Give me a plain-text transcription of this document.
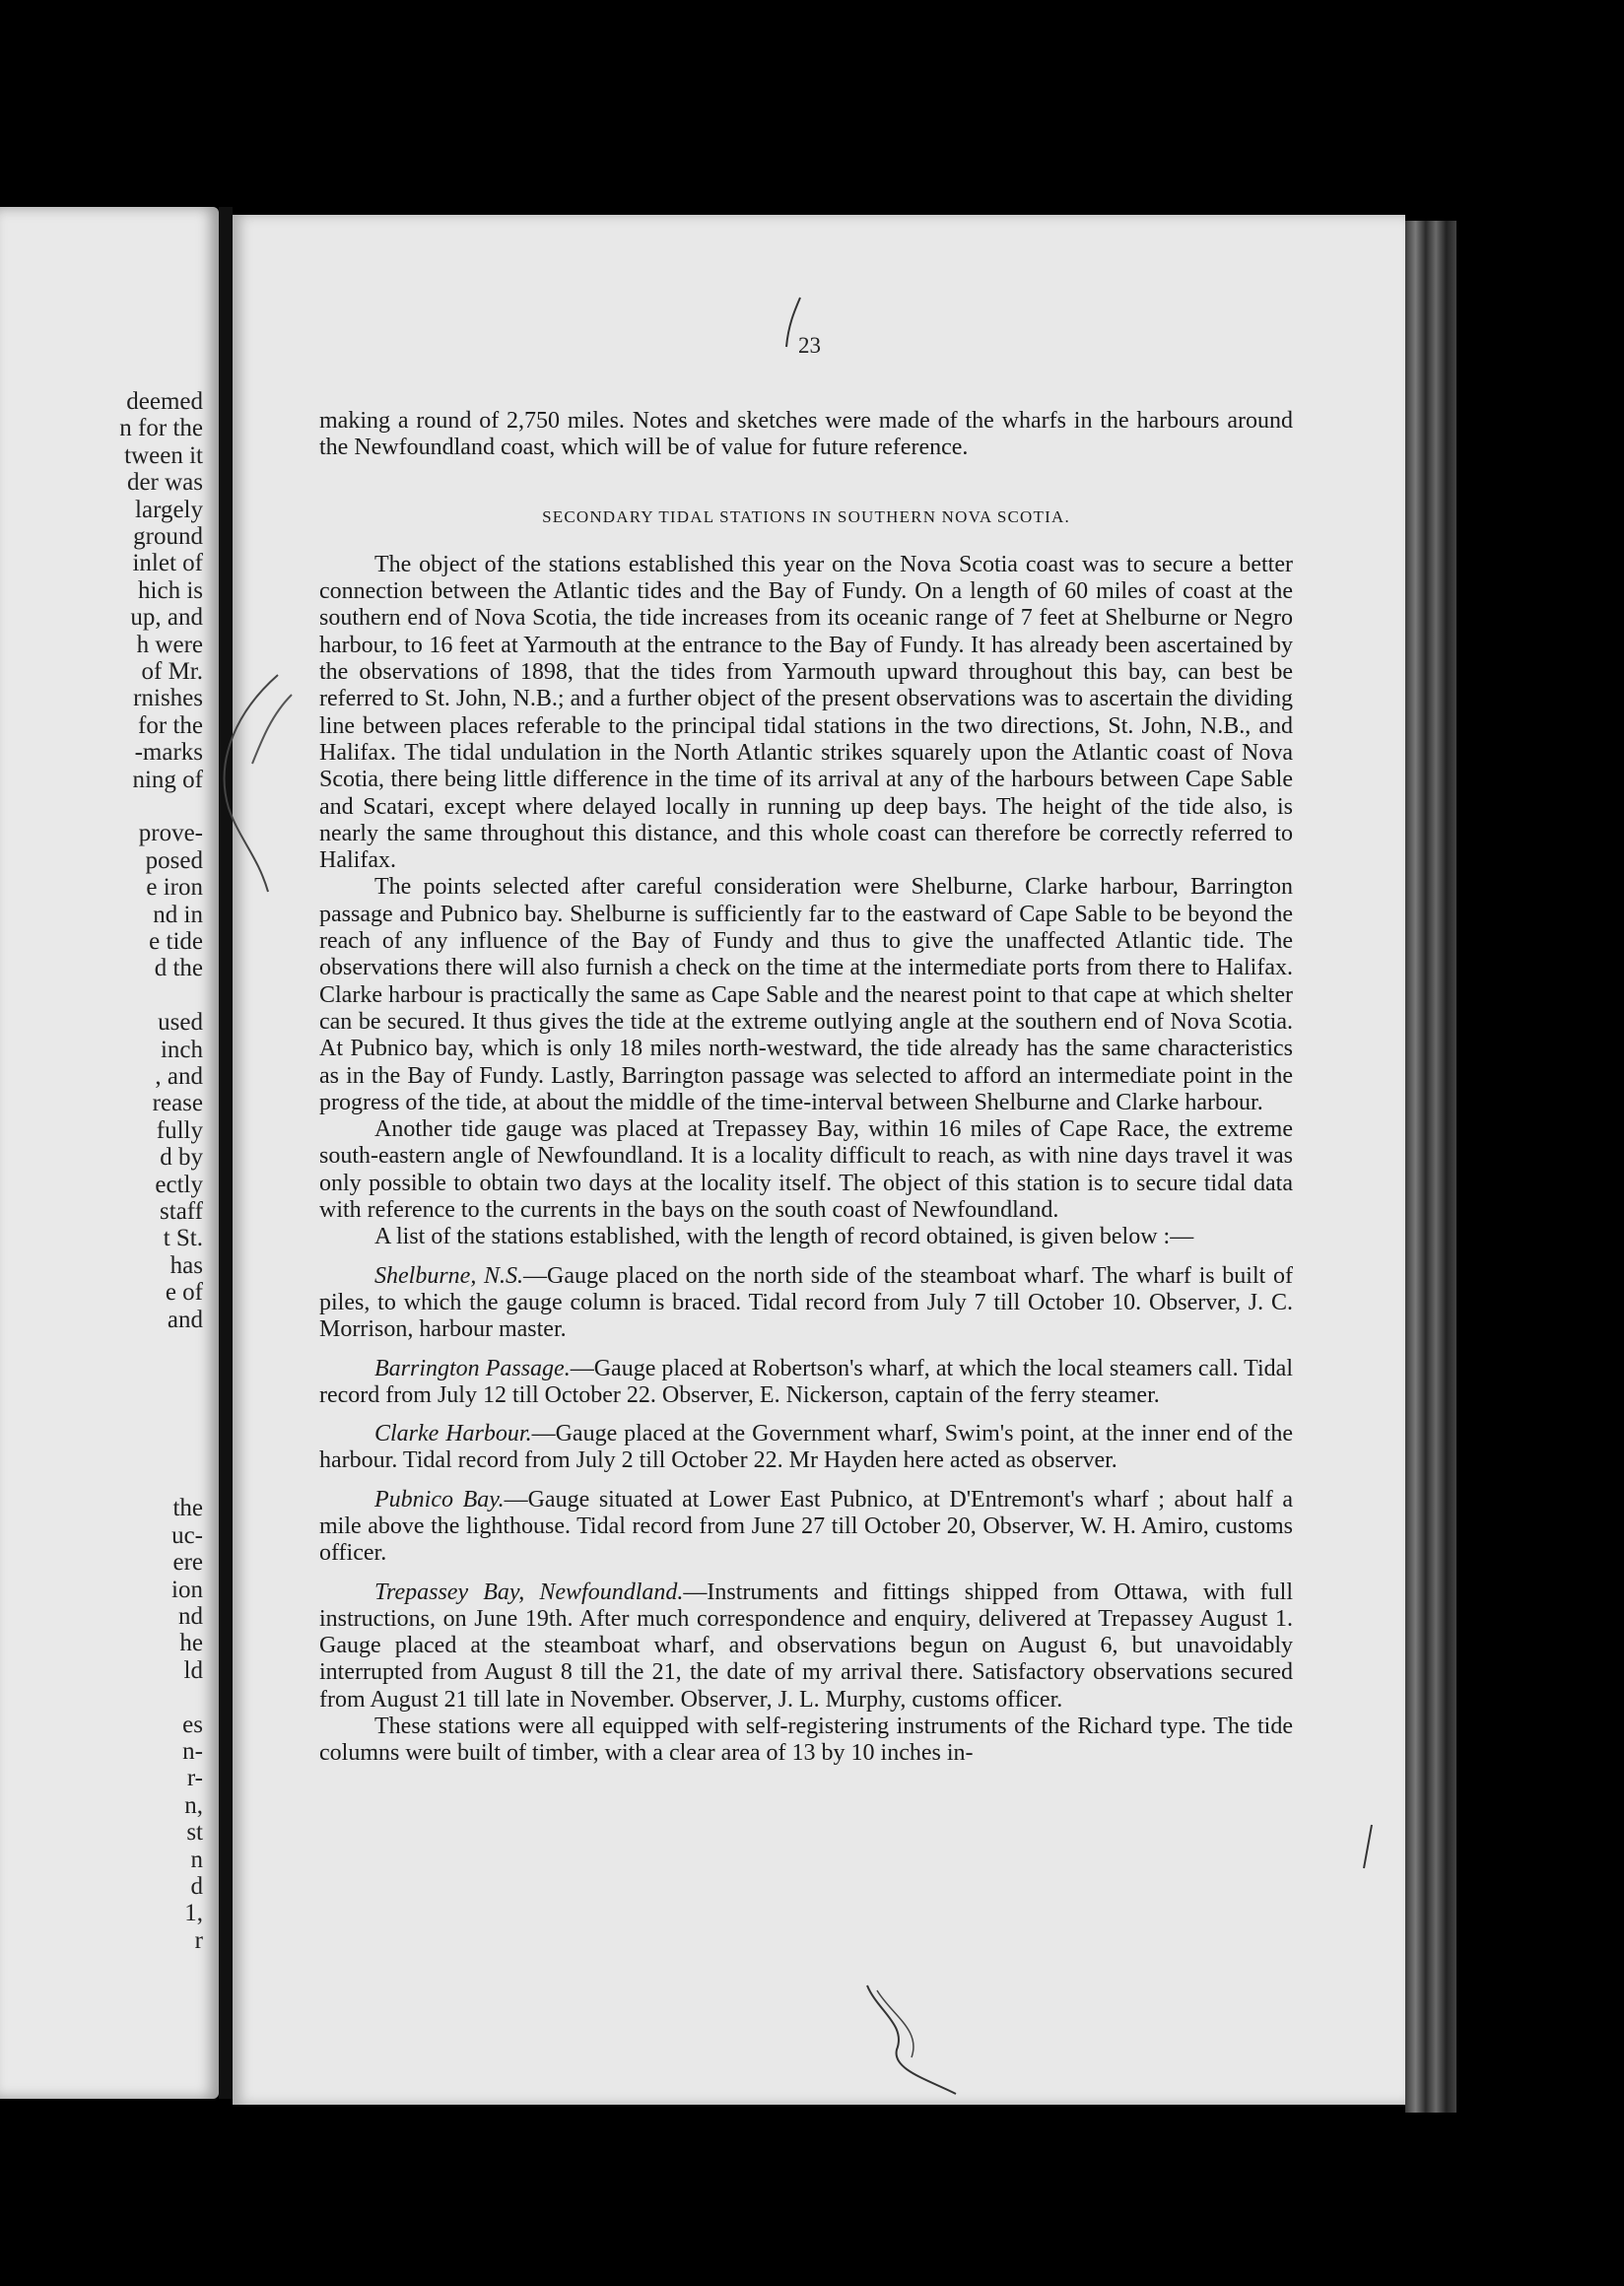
deemed
n for the
tween it
der was
largely
ground
inlet of
hich is
up, and
h were
of Mr.
rnishes
for the
-marks
ning of
prove-
posed
e iron
nd in
e tide
d the
used
inch
, and
rease
fully
d by
ectly
staff
t St.
has
e of
and
the
uc-
ere
ion
nd
he
ld
es
n-
r-
n,
st
n
d
1,
r
23

making a round of 2,750 miles. Notes and sketches were made of the wharfs in the harbours around the Newfoundland coast, which will be of value for future reference.

SECONDARY TIDAL STATIONS IN SOUTHERN NOVA SCOTIA.

The object of the stations established this year on the Nova Scotia coast was to secure a better connection between the Atlantic tides and the Bay of Fundy. On a length of 60 miles of coast at the southern end of Nova Scotia, the tide increases from its oceanic range of 7 feet at Shelburne or Negro harbour, to 16 feet at Yarmouth at the entrance to the Bay of Fundy. It has already been ascertained by the observations of 1898, that the tides from Yarmouth upward throughout this bay, can best be referred to St. John, N.B.; and a further object of the present observations was to ascertain the dividing line between places referable to the principal tidal stations in the two directions, St. John, N.B., and Halifax. The tidal undulation in the North Atlantic strikes squarely upon the Atlantic coast of Nova Scotia, there being little difference in the time of its arrival at any of the harbours between Cape Sable and Scatari, except where delayed locally in running up deep bays. The height of the tide also, is nearly the same throughout this distance, and this whole coast can therefore be correctly referred to Halifax.

The points selected after careful consideration were Shelburne, Clarke harbour, Barrington passage and Pubnico bay. Shelburne is sufficiently far to the eastward of Cape Sable to be beyond the reach of any influence of the Bay of Fundy and thus to give the unaffected Atlantic tide. The observations there will also furnish a check on the time at the intermediate ports from there to Halifax. Clarke harbour is practically the same as Cape Sable and the nearest point to that cape at which shelter can be secured. It thus gives the tide at the extreme outlying angle at the southern end of Nova Scotia. At Pubnico bay, which is only 18 miles north-westward, the tide already has the same characteristics as in the Bay of Fundy. Lastly, Barrington passage was selected to afford an intermediate point in the progress of the tide, at about the middle of the time-interval between Shelburne and Clarke harbour.

Another tide gauge was placed at Trepassey Bay, within 16 miles of Cape Race, the extreme south-eastern angle of Newfoundland. It is a locality difficult to reach, as with nine days travel it was only possible to obtain two days at the locality itself. The object of this station is to secure tidal data with reference to the currents in the bays on the south coast of Newfoundland.

A list of the stations established, with the length of record obtained, is given below :—

Shelburne, N.S.—Gauge placed on the north side of the steamboat wharf. The wharf is built of piles, to which the gauge column is braced. Tidal record from July 7 till October 10. Observer, J. C. Morrison, harbour master.

Barrington Passage.—Gauge placed at Robertson's wharf, at which the local steamers call. Tidal record from July 12 till October 22. Observer, E. Nickerson, captain of the ferry steamer.

Clarke Harbour.—Gauge placed at the Government wharf, Swim's point, at the inner end of the harbour. Tidal record from July 2 till October 22. Mr Hayden here acted as observer.

Pubnico Bay.—Gauge situated at Lower East Pubnico, at D'Entremont's wharf ; about half a mile above the lighthouse. Tidal record from June 27 till October 20, Observer, W. H. Amiro, customs officer.

Trepassey Bay, Newfoundland.—Instruments and fittings shipped from Ottawa, with full instructions, on June 19th. After much correspondence and enquiry, delivered at Trepassey August 1. Gauge placed at the steamboat wharf, and observations begun on August 6, but unavoidably interrupted from August 8 till the 21, the date of my arrival there. Satisfactory observations secured from August 21 till late in November. Observer, J. L. Murphy, customs officer.

These stations were all equipped with self-registering instruments of the Richard type. The tide columns were built of timber, with a clear area of 13 by 10 inches in-
